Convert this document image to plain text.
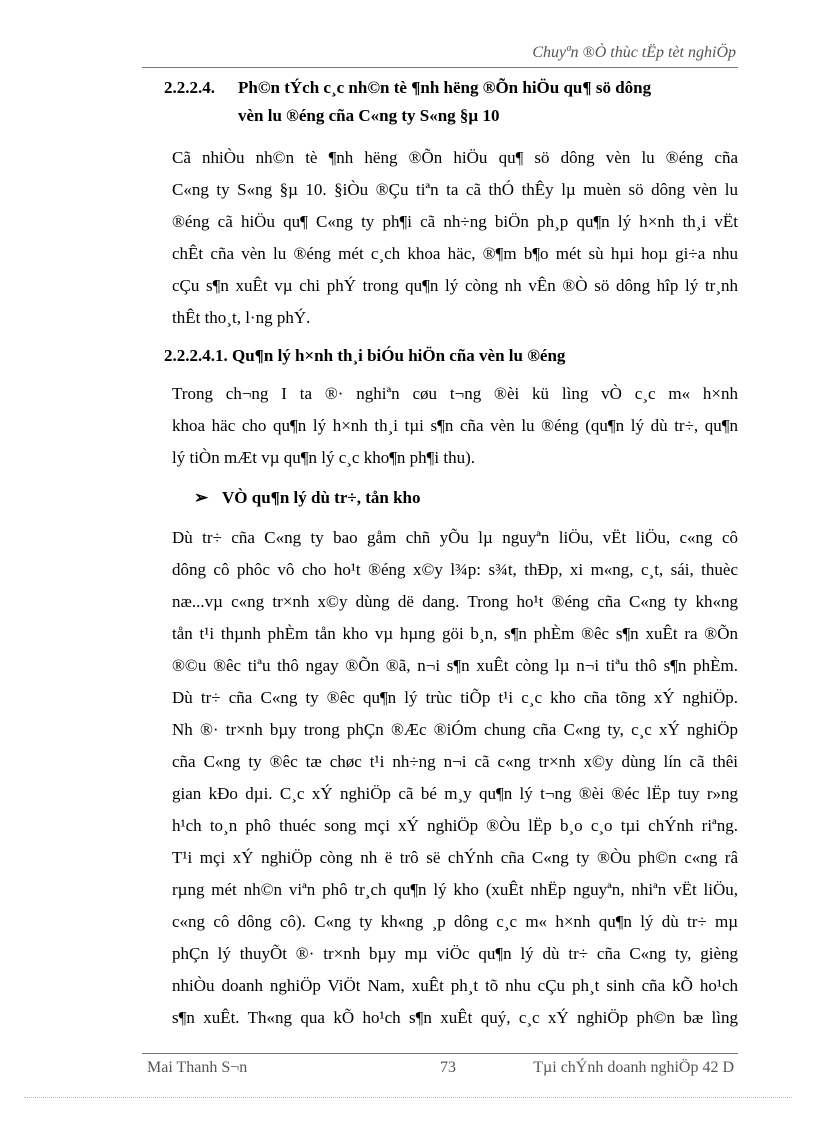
Chuyªn ®Ò thùc tËp tèt nghiÖp
2.2.2.4.	Ph©n tÝch c¸c nh©n tè ¶nh hëng ®Õn hiÖu qu¶ sö dông
vèn lu ®éng cña C«ng ty S«ng §µ 10
Cã nhiÒu nh©n tè ¶nh hëng ®Õn hiÖu qu¶ sö dông vèn lu ®éng cña
C«ng ty S«ng §µ 10. §iÒu ®Çu tiªn ta cã thÓ thÊy lµ muèn sö dông vèn lu
®éng cã hiÖu qu¶ C«ng ty ph¶i cã nh÷ng biÖn ph¸p qu¶n lý h×nh th¸i vËt
chÊt cña vèn lu ®éng mét c¸ch khoa häc, ®¶m b¶o mét sù hµi hoµ gi÷a nhu
cÇu s¶n xuÊt vµ chi phÝ trong qu¶n lý còng nh vÊn ®Ò sö dông hîp lý tr¸nh
thÊt tho¸t, l·ng phÝ.
2.2.2.4.1. Qu¶n lý h×nh th¸i biÓu hiÖn cña vèn lu ®éng
Trong ch¬ng I ta ®· nghiªn cøu t¬ng ®èi kü lìng vÒ c¸c m« h×nh
khoa häc cho qu¶n lý h×nh th¸i tµi s¶n cña vèn lu ®éng (qu¶n lý dù tr÷, qu¶n
lý tiÒn mÆt vµ qu¶n lý c¸c kho¶n ph¶i thu).
➢ VÒ qu¶n lý dù tr÷, tån kho
Dù tr÷ cña C«ng ty bao gåm chñ yÕu lµ nguyªn liÖu, vËt liÖu, c«ng cô
dông cô phôc vô cho ho¹t ®éng x©y l¾p: s¾t, thÐp, xi m«ng, c¸t, sái, thuèc
næ...vµ c«ng tr×nh x©y dùng dë dang. Trong ho¹t ®éng cña C«ng ty kh«ng
tån t¹i thµnh phÈm tån kho vµ hµng göi b¸n, s¶n phÈm ®êc s¶n xuÊt ra ®Õn
®©u ®êc tiªu thô ngay ®Õn ®ã, n¬i s¶n xuÊt còng lµ n¬i tiªu thô s¶n phÈm.
Dù tr÷ cña C«ng ty ®êc qu¶n lý trùc tiÕp t¹i c¸c kho cña tõng xÝ nghiÖp.
Nh ®· tr×nh bµy trong phÇn ®Æc ®iÓm chung cña C«ng ty, c¸c xÝ nghiÖp
cña C«ng ty ®êc tæ chøc t¹i nh÷ng n¬i cã c«ng tr×nh x©y dùng lín cã thêi
gian kÐo dµi. C¸c xÝ nghiÖp cã bé m¸y qu¶n lý t¬ng ®èi ®éc lËp tuy r»ng
h¹ch to¸n phô thuéc song mçi xÝ nghiÖp ®Òu lËp b¸o c¸o tµi chÝnh riªng.
T¹i mçi xÝ nghiÖp còng nh ë trô së chÝnh cña C«ng ty ®Òu ph©n c«ng râ
rµng mét nh©n viªn phô tr¸ch qu¶n lý kho (xuÊt nhËp nguyªn, nhiªn vËt liÖu,
c«ng cô dông cô). C«ng ty kh«ng ¸p dông c¸c m« h×nh qu¶n lý dù tr÷ mµ
phÇn lý thuyÕt ®· tr×nh bµy mµ viÖc qu¶n lý dù tr÷ cña C«ng ty, gièng
nhiÒu doanh nghiÖp ViÖt Nam, xuÊt ph¸t tõ nhu cÇu ph¸t sinh cña kÕ ho¹ch
s¶n xuÊt. Th«ng qua kÕ ho¹ch s¶n xuÊt quý, c¸c xÝ nghiÖp ph©n bæ lìng
Mai Thanh S¬n	73	Tµi chÝnh doanh nghiÖp 42 D
